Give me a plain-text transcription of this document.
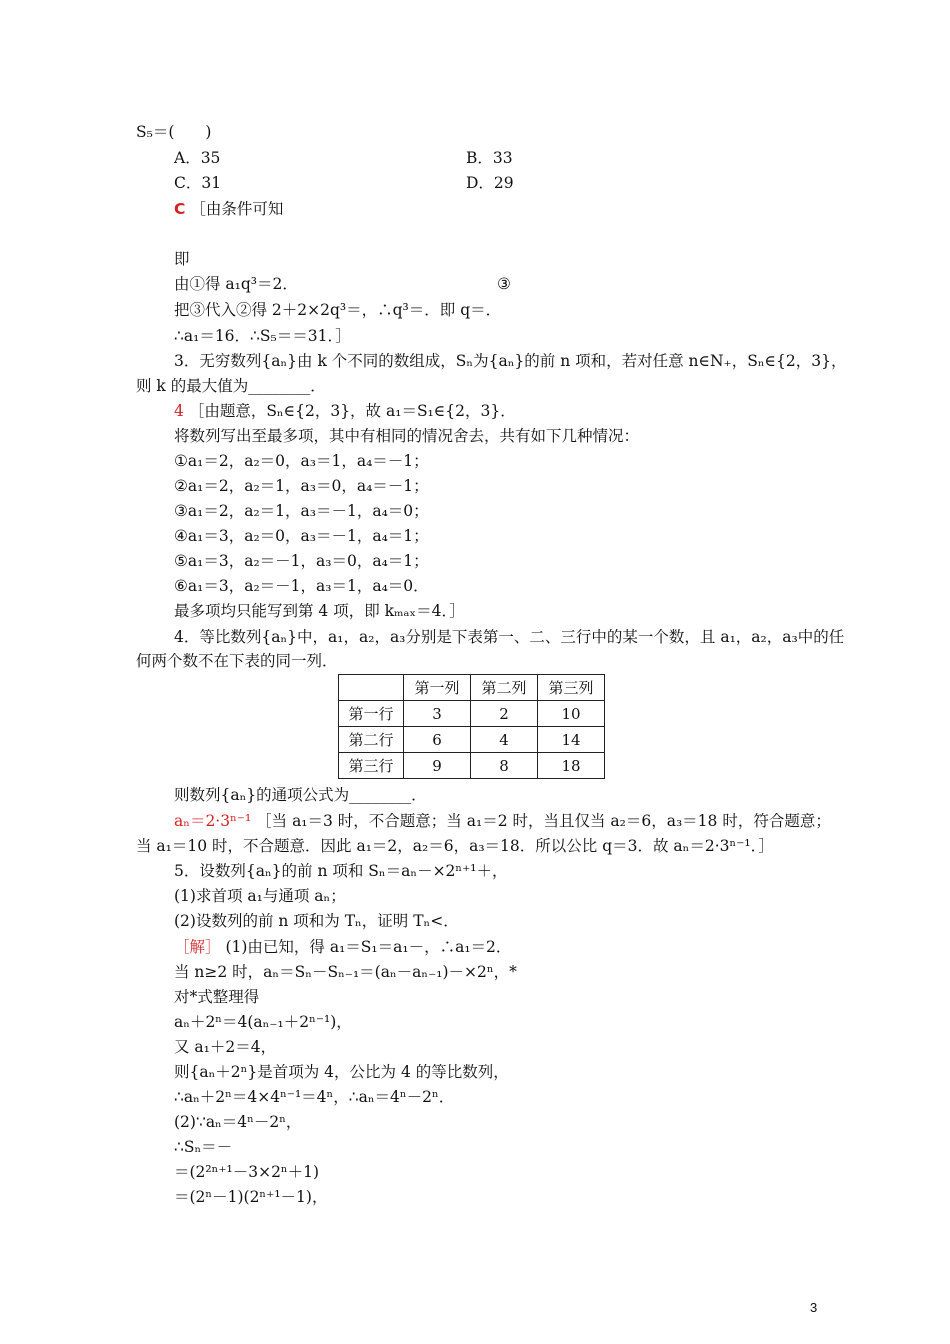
S₅＝(　　)
A．35	B．33
C．31	D．29
C ［由条件可知
即
由①得 a₁q³＝2．	③
把③代入②得 2＋2×2q³＝，∴q³＝．即 q＝．
∴a₁＝16．∴S₅＝＝31．］
3．无穷数列{aₙ}由 k 个不同的数组成，Sₙ为{aₙ}的前 n 项和，若对任意 n∈N₊，Sₙ∈{2，3}，
则 k 的最大值为________．
4 ［由题意，Sₙ∈{2，3}，故 a₁＝S₁∈{2，3}．
将数列写出至最多项，其中有相同的情况舍去，共有如下几种情况：
①a₁＝2，a₂＝0，a₃＝1，a₄＝－1；
②a₁＝2，a₂＝1，a₃＝0，a₄＝－1；
③a₁＝2，a₂＝1，a₃＝－1，a₄＝0；
④a₁＝3，a₂＝0，a₃＝－1，a₄＝1；
⑤a₁＝3，a₂＝－1，a₃＝0，a₄＝1；
⑥a₁＝3，a₂＝－1，a₃＝1，a₄＝0．
最多项均只能写到第 4 项，即 kₘₐₓ＝4．］
4．等比数列{aₙ}中，a₁，a₂，a₃分别是下表第一、二、三行中的某一个数，且 a₁，a₂，a₃中的任
何两个数不在下表的同一列．
	第一列	第二列	第三列
第一行	3	2	10
第二行	6	4	14
第三行	9	8	18
则数列{aₙ}的通项公式为________．
aₙ＝2·3ⁿ⁻¹ ［当 a₁＝3 时，不合题意；当 a₁＝2 时，当且仅当 a₂＝6，a₃＝18 时，符合题意；
当 a₁＝10 时，不合题意．因此 a₁＝2，a₂＝6，a₃＝18．所以公比 q＝3．故 aₙ＝2·3ⁿ⁻¹．］
5．设数列{aₙ}的前 n 项和 Sₙ＝aₙ－×2ⁿ⁺¹＋，
(1)求首项 a₁与通项 aₙ；
(2)设数列的前 n 项和为 Tₙ，证明 Tₙ<．
［解］ (1)由已知，得 a₁＝S₁＝a₁－，∴a₁＝2．
当 n≥2 时，aₙ＝Sₙ－Sₙ₋₁＝(aₙ－aₙ₋₁)－×2ⁿ，*
对*式整理得
aₙ＋2ⁿ＝4(aₙ₋₁＋2ⁿ⁻¹)，
又 a₁＋2＝4，
则{aₙ＋2ⁿ}是首项为 4，公比为 4 的等比数列，
∴aₙ＋2ⁿ＝4×4ⁿ⁻¹＝4ⁿ，∴aₙ＝4ⁿ－2ⁿ．
(2)∵aₙ＝4ⁿ－2ⁿ，
∴Sₙ＝－
＝(2²ⁿ⁺¹－3×2ⁿ＋1)
＝(2ⁿ－1)(2ⁿ⁺¹－1)，
3
